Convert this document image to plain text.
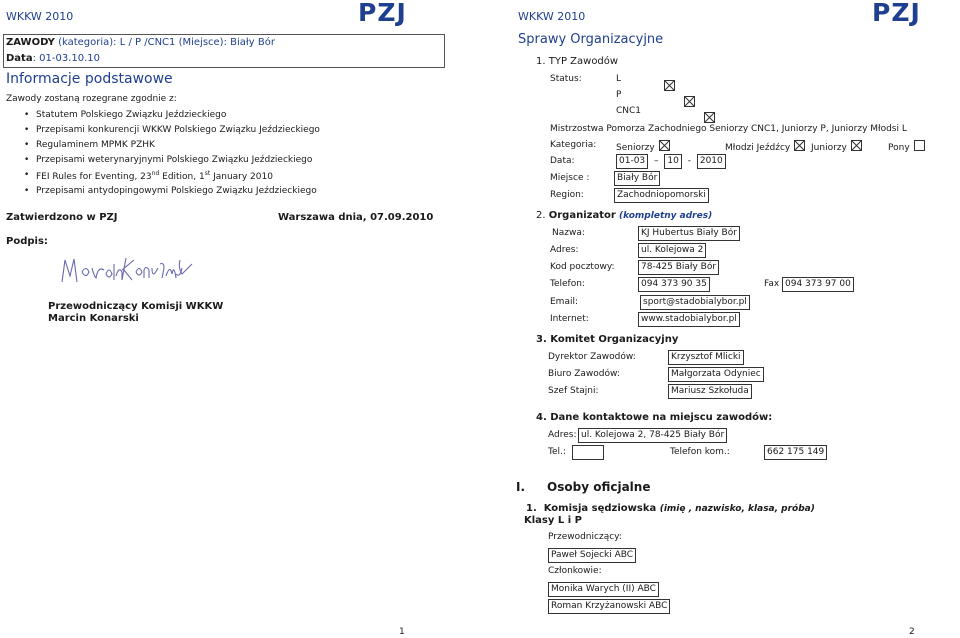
WKKW 2010	PZJ
ZAWODY (kategoria): L / P /CNC1 (Miejsce): Biały Bór
Data: 01-03.10.10
Informacje podstawowe
Zawody zostaną rozegrane zgodnie z:
• Statutem Polskiego Związku Jeździeckiego
• Przepisami konkurencji WKKW Polskiego Związku Jeździeckiego
• Regulaminem MPMK PZHK
• Przepisami weterynaryjnymi Polskiego Związku Jeździeckiego
• FEI Rules for Eventing, 23nd Edition, 1st January 2010
• Przepisami antydopingowymi Polskiego Związku Jeździeckiego
Zatwierdzono w PZJ	Warszawa dnia, 07.09.2010
Podpis:
Przewodniczący Komisji WKKW
Marcin Konarski
1
WKKW 2010	PZJ
Sprawy Organizacyjne
1. TYP Zawodów
Status:	L

P

CNC1
Mistrzostwa Pomorza Zachodniego Seniorzy CNC1, Juniorzy P, Juniorzy Młodsi L
Kategoria: Seniorzy	Młodzi Jeźdźcy	Juniorzy	Pony
Data:	01-03 – 10 - 2010
Miejsce :	Biały Bór
Region:	Zachodniopomorski
2. Organizator (kompletny adres)
Nazwa:	KJ Hubertus Biały Bór
Adres:	ul. Kolejowa 2
Kod pocztowy:	78-425 Biały Bór
Telefon:	094 373 90 35	Fax 094 373 97 00
Email:	sport@stadobialybor.pl
Internet:	www.stadobialybor.pl
3. Komitet Organizacyjny
Dyrektor Zawodów:	Krzysztof Mlicki
Biuro Zawodów:	Małgorzata Odyniec
Szef Stajni:	Mariusz Szkołuda
4. Dane kontaktowe na miejscu zawodów:
Adres: ul. Kolejowa 2, 78-425 Biały Bór
Tel.:	Telefon kom.:	662 175 149
I. Osoby oficjalne
1. Komisja sędziowska (imię , nazwisko, klasa, próba)
Klasy L i P
Przewodniczący:
Paweł Sojecki ABC
Członkowie:
Monika Warych (II) ABC
Roman Krzyżanowski ABC
2
